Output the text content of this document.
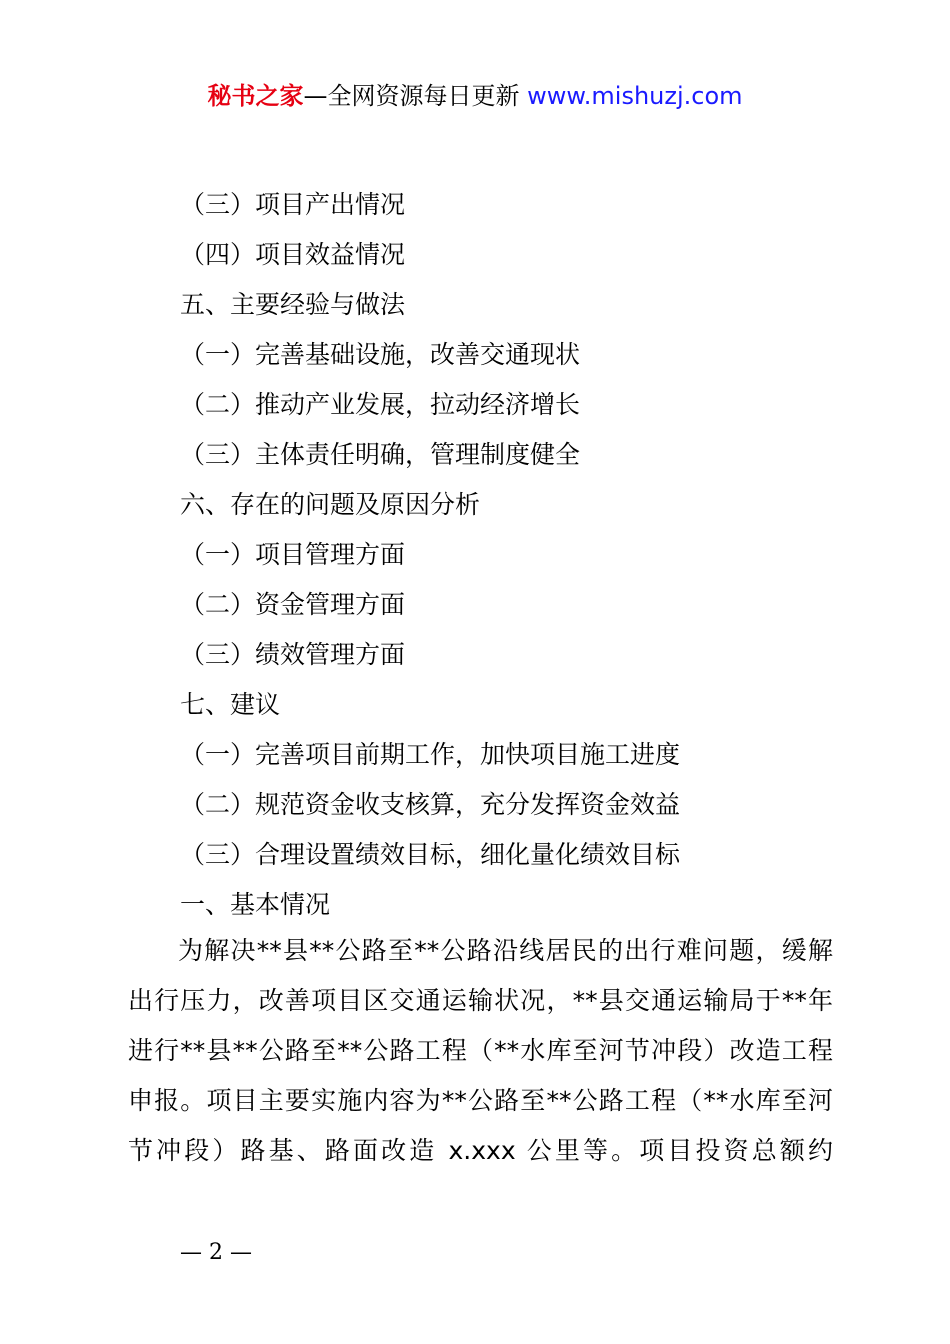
秘书之家—全网资源每日更新 www.mishuzj.com
（三）项目产出情况
（四）项目效益情况
五、主要经验与做法
（一）完善基础设施，改善交通现状
（二）推动产业发展，拉动经济增长
（三）主体责任明确，管理制度健全
六、存在的问题及原因分析
（一）项目管理方面
（二）资金管理方面
（三）绩效管理方面
七、建议
（一）完善项目前期工作，加快项目施工进度
（二）规范资金收支核算，充分发挥资金效益
（三）合理设置绩效目标，细化量化绩效目标
一、基本情况
为解决**县**公路至**公路沿线居民的出行难问题，缓解
出行压力，改善项目区交通运输状况，**县交通运输局于**年
进行**县**公路至**公路工程（**水库至河节冲段）改造工程
申报。项目主要实施内容为**公路至**公路工程（**水库至河
节冲段）路基、路面改造 x.xxx 公里等。项目投资总额约
— 2 —
